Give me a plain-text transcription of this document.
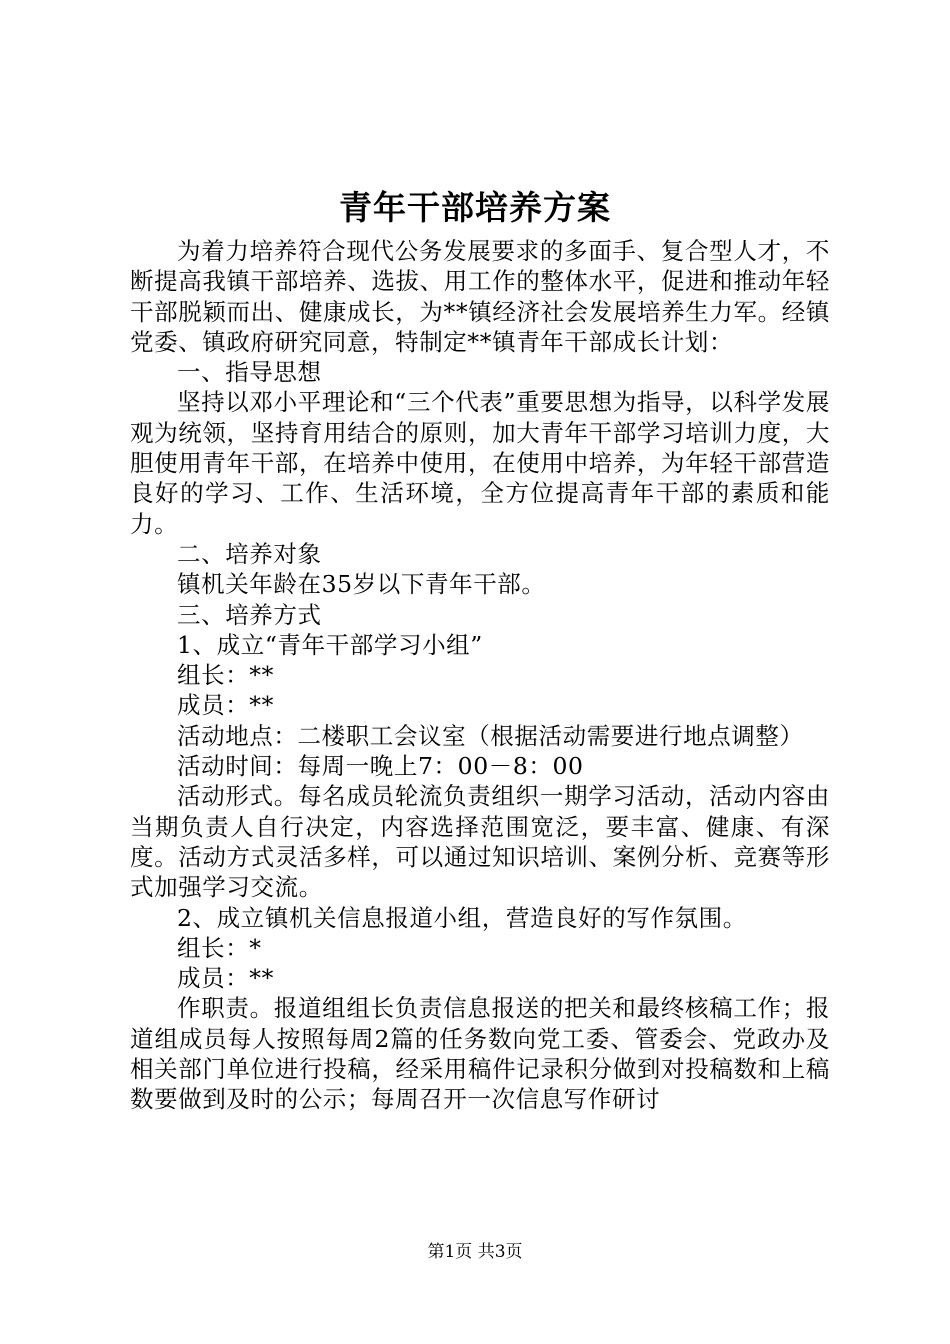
青年干部培养方案

为着力培养符合现代公务发展要求的多面手、复合型人才，不断提高我镇干部培养、选拔、用工作的整体水平，促进和推动年轻干部脱颖而出、健康成长，为**镇经济社会发展培养生力军。经镇党委、镇政府研究同意，特制定**镇青年干部成长计划：

一、指导思想

坚持以邓小平理论和“三个代表”重要思想为指导，以科学发展观为统领，坚持育用结合的原则，加大青年干部学习培训力度，大胆使用青年干部，在培养中使用，在使用中培养，为年轻干部营造良好的学习、工作、生活环境，全方位提高青年干部的素质和能力。

二、培养对象

镇机关年龄在35岁以下青年干部。

三、培养方式

1、成立“青年干部学习小组”

组长：**

成员：**

活动地点：二楼职工会议室（根据活动需要进行地点调整）

活动时间：每周一晚上7：00－8：00

活动形式。每名成员轮流负责组织一期学习活动，活动内容由当期负责人自行决定，内容选择范围宽泛，要丰富、健康、有深度。活动方式灵活多样，可以通过知识培训、案例分析、竞赛等形式加强学习交流。

2、成立镇机关信息报道小组，营造良好的写作氛围。

组长：*

成员：**

作职责。报道组组长负责信息报送的把关和最终核稿工作；报道组成员每人按照每周2篇的任务数向党工委、管委会、党政办及相关部门单位进行投稿，经采用稿件记录积分做到对投稿数和上稿数要做到及时的公示；每周召开一次信息写作研讨

第1页 共3页
